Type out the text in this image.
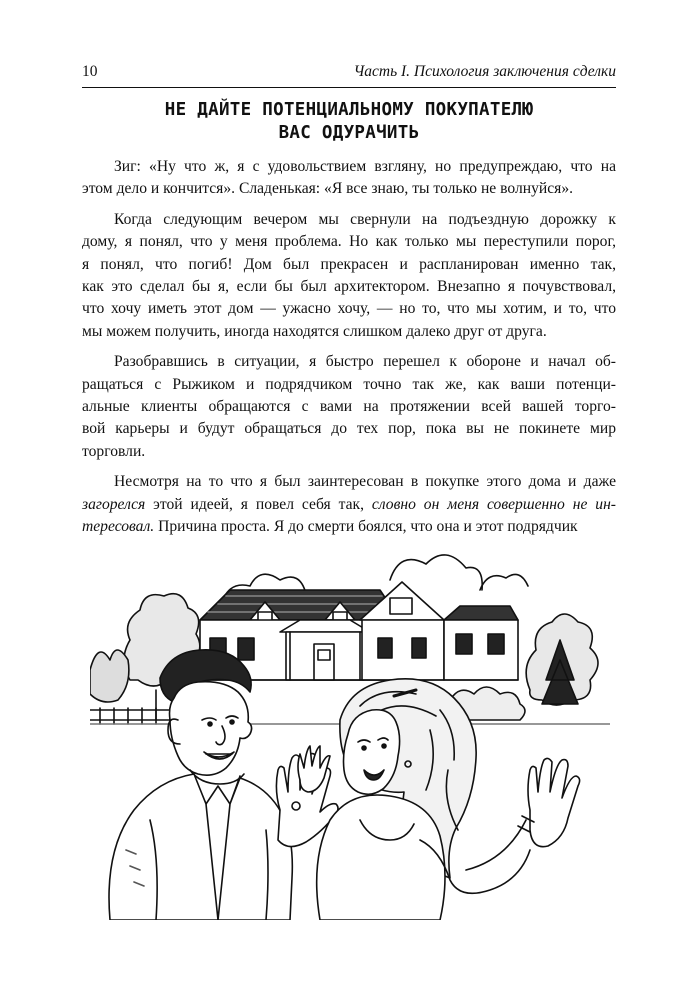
10	Часть I. Психология заключения сделки
НЕ ДАЙТЕ ПОТЕНЦИАЛЬНОМУ ПОКУПАТЕЛЮ
ВАС ОДУРАЧИТЬ
Зиг: «Ну что ж, я с удовольствием взгляну, но предупреждаю, что на
этом дело и кончится». Сладенькая: «Я все знаю, ты только не волнуйся».
Когда следующим вечером мы свернули на подъездную дорожку к
дому, я понял, что у меня проблема. Но как только мы переступили порог,
я понял, что погиб! Дом был прекрасен и распланирован именно так,
как это сделал бы я, если бы был архитектором. Внезапно я почувствовал,
что хочу иметь этот дом — ужасно хочу, — но то, что мы хотим, и то, что
мы можем получить, иногда находятся слишком далеко друг от друга.
Разобравшись в ситуации, я быстро перешел к обороне и начал об-
ращаться с Рыжиком и подрядчиком точно так же, как ваши потенци-
альные клиенты обращаются с вами на протяжении всей вашей торго-
вой карьеры и будут обращаться до тех пор, пока вы не покинете мир
торговли.
Несмотря на то что я был заинтересован в покупке этого дома и даже
загорелся этой идеей, я повел себя так, словно он меня совершенно не ин-
тересовал. Причина проста. Я до смерти боялся, что она и этот подрядчик
